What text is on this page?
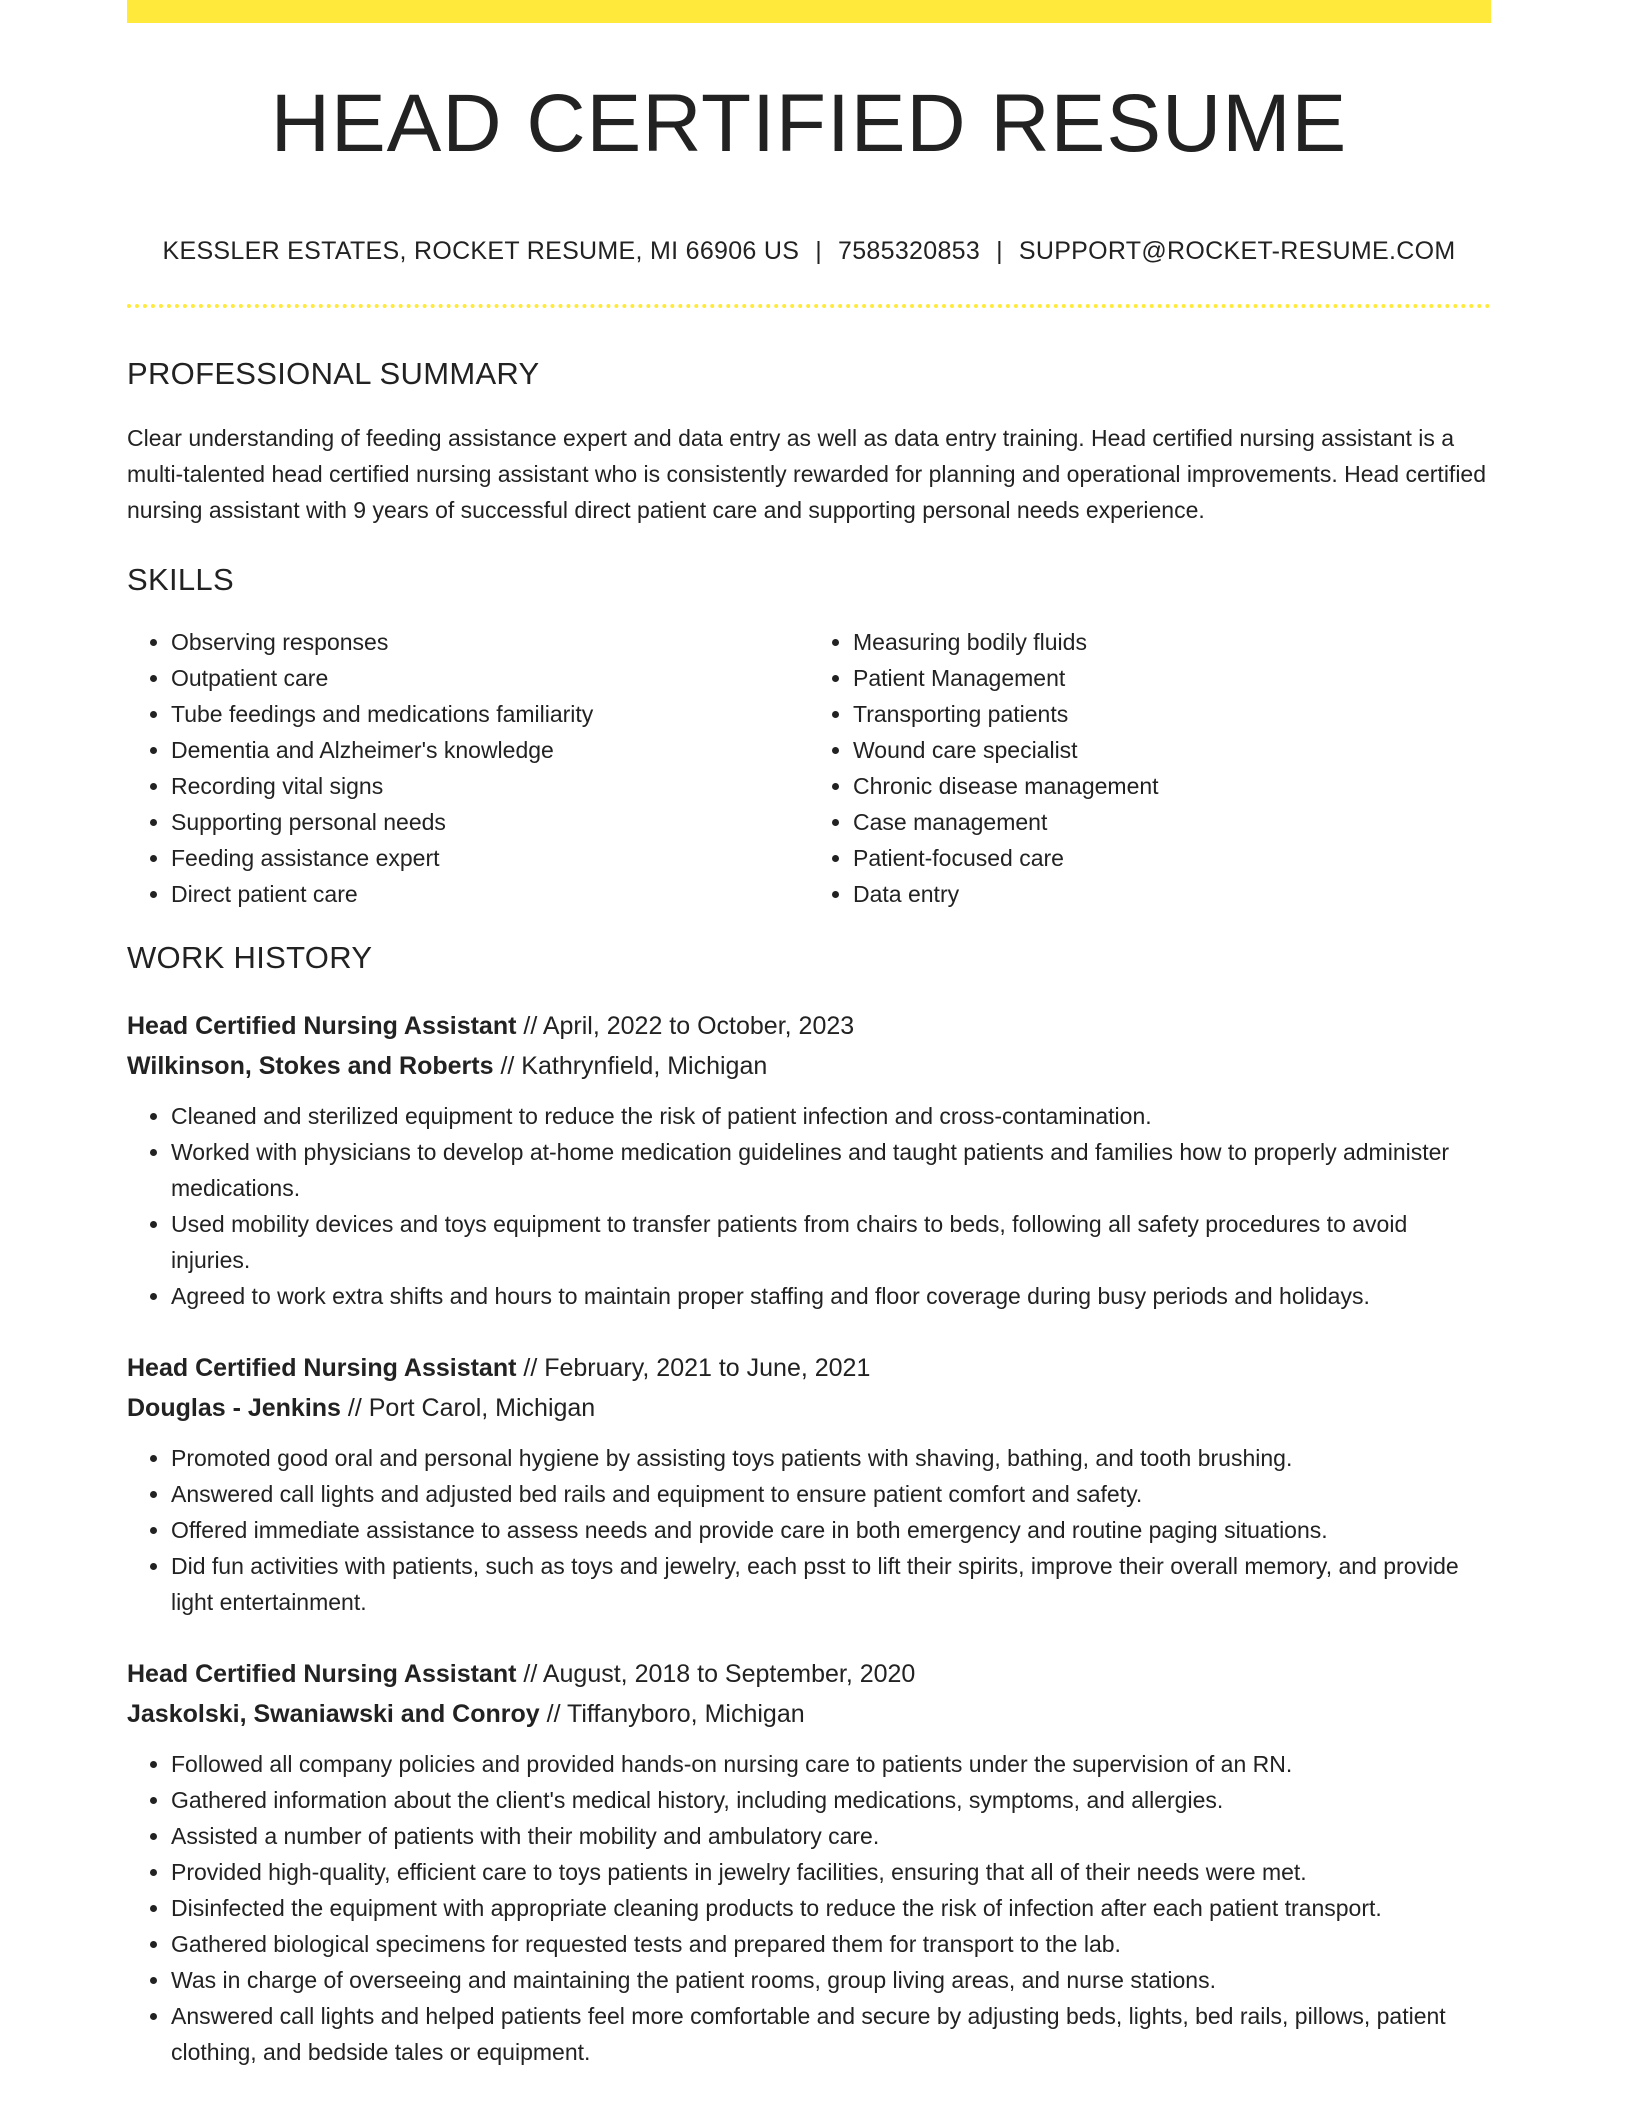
HEAD CERTIFIED RESUME
KESSLER ESTATES, ROCKET RESUME, MI 66906 US | 7585320853 | SUPPORT@ROCKET-RESUME.COM
PROFESSIONAL SUMMARY

Clear understanding of feeding assistance expert and data entry as well as data entry training. Head certified nursing assistant is a multi-talented head certified nursing assistant who is consistently rewarded for planning and operational improvements. Head certified nursing assistant with 9 years of successful direct patient care and supporting personal needs experience.

SKILLS
• Observing responses
• Outpatient care
• Tube feedings and medications familiarity
• Dementia and Alzheimer's knowledge
• Recording vital signs
• Supporting personal needs
• Feeding assistance expert
• Direct patient care
• Measuring bodily fluids
• Patient Management
• Transporting patients
• Wound care specialist
• Chronic disease management
• Case management
• Patient-focused care
• Data entry
WORK HISTORY
Head Certified Nursing Assistant // April, 2022 to October, 2023
Wilkinson, Stokes and Roberts // Kathrynfield, Michigan
• Cleaned and sterilized equipment to reduce the risk of patient infection and cross-contamination.
• Worked with physicians to develop at-home medication guidelines and taught patients and families how to properly administer medications.
• Used mobility devices and toys equipment to transfer patients from chairs to beds, following all safety procedures to avoid injuries.
• Agreed to work extra shifts and hours to maintain proper staffing and floor coverage during busy periods and holidays.
Head Certified Nursing Assistant // February, 2021 to June, 2021
Douglas - Jenkins // Port Carol, Michigan
• Promoted good oral and personal hygiene by assisting toys patients with shaving, bathing, and tooth brushing.
• Answered call lights and adjusted bed rails and equipment to ensure patient comfort and safety.
• Offered immediate assistance to assess needs and provide care in both emergency and routine paging situations.
• Did fun activities with patients, such as toys and jewelry, each psst to lift their spirits, improve their overall memory, and provide light entertainment.
Head Certified Nursing Assistant // August, 2018 to September, 2020
Jaskolski, Swaniawski and Conroy // Tiffanyboro, Michigan
• Followed all company policies and provided hands-on nursing care to patients under the supervision of an RN.
• Gathered information about the client's medical history, including medications, symptoms, and allergies.
• Assisted a number of patients with their mobility and ambulatory care.
• Provided high-quality, efficient care to toys patients in jewelry facilities, ensuring that all of their needs were met.
• Disinfected the equipment with appropriate cleaning products to reduce the risk of infection after each patient transport.
• Gathered biological specimens for requested tests and prepared them for transport to the lab.
• Was in charge of overseeing and maintaining the patient rooms, group living areas, and nurse stations.
• Answered call lights and helped patients feel more comfortable and secure by adjusting beds, lights, bed rails, pillows, patient clothing, and bedside tales or equipment.
